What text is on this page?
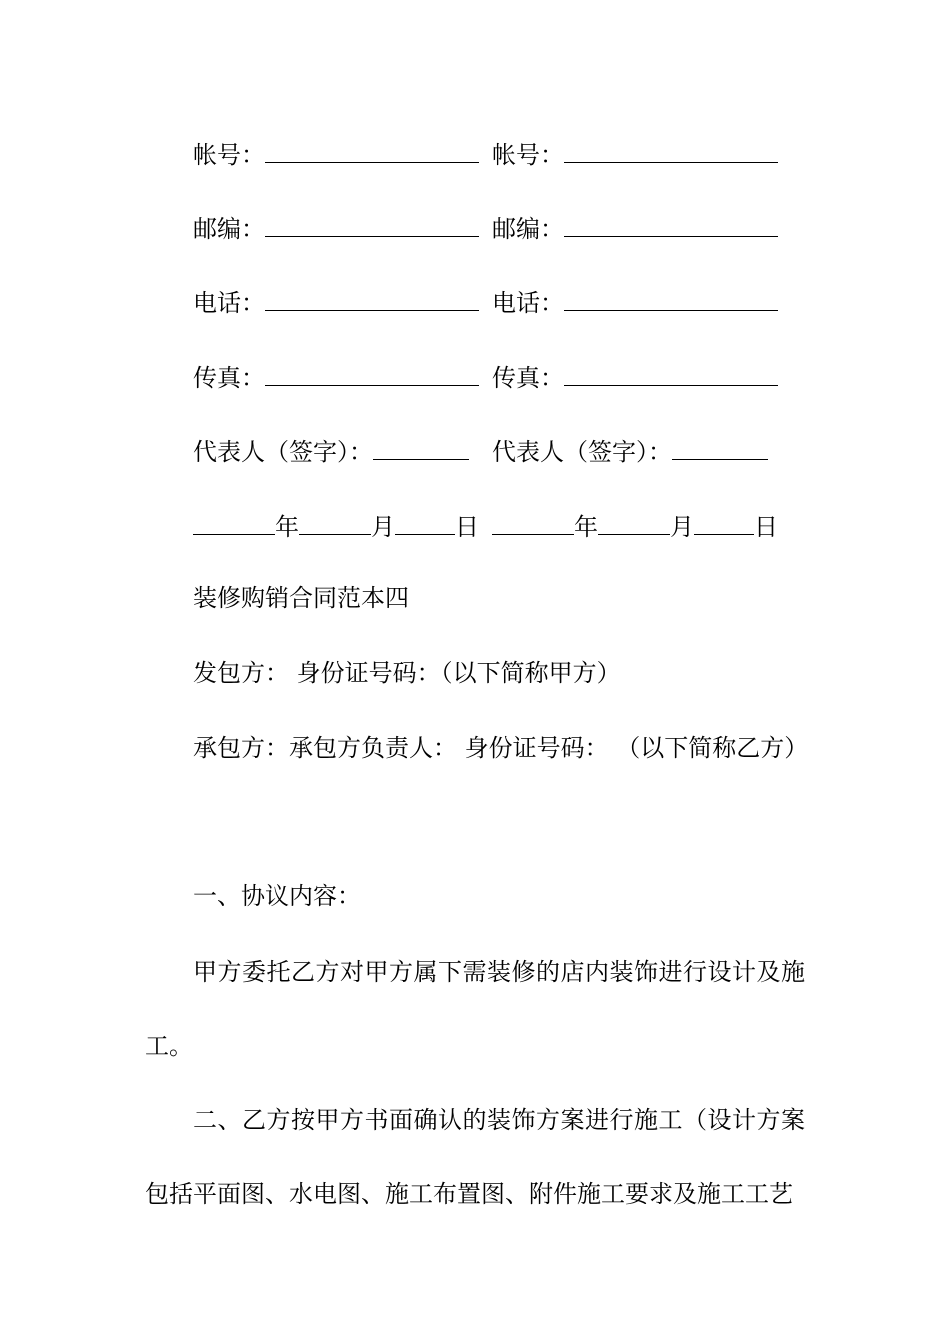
帐号：	帐号：
邮编：	邮编：
电话：	电话：
传真：	传真：
代表人（签字）：	代表人（签字）：
年	月	日	年	月	日
装修购销合同范本四
发包方： 身份证号码：（以下简称甲方）
承包方：承包方负责人： 身份证号码： （以下简称乙方）
一、协议内容：
甲方委托乙方对甲方属下需装修的店内装饰进行设计及施工。
二、乙方按甲方书面确认的装饰方案进行施工（设计方案包括平面图、水电图、施工布置图、附件施工要求及施工工艺
